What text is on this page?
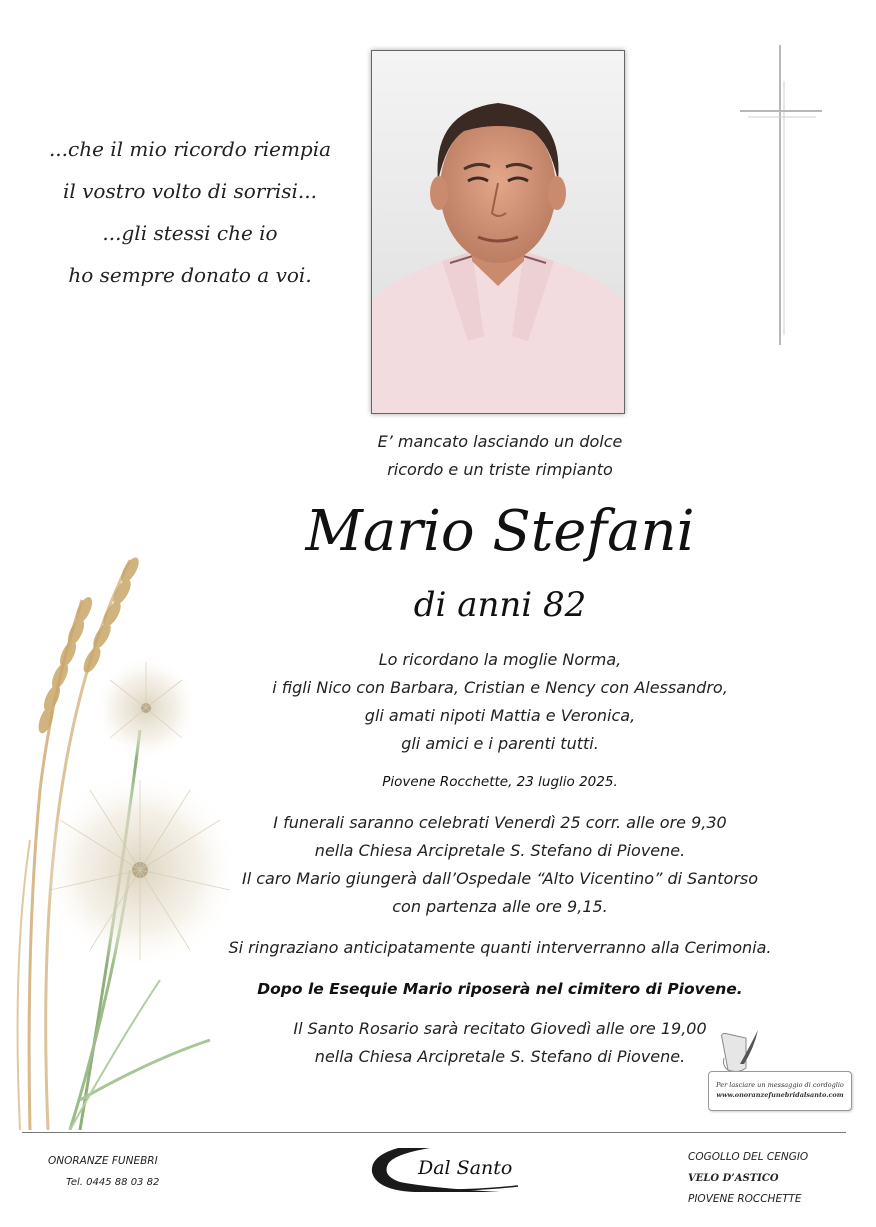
...che il mio ricordo riempia
il vostro volto di sorrisi...
...gli stessi che io
ho sempre donato a voi.
E’ mancato lasciando un dolce
ricordo e un triste rimpianto
Mario Stefani
di anni 82
Lo ricordano la moglie Norma,
i figli Nico con Barbara, Cristian e Nency con Alessandro,
gli amati nipoti Mattia e Veronica,
gli amici e i parenti tutti.
Piovene Rocchette, 23 luglio 2025.
I funerali saranno celebrati Venerdì 25 corr. alle ore 9,30
nella Chiesa Arcipretale S. Stefano di Piovene.
Il caro Mario giungerà dall’Ospedale “Alto Vicentino” di Santorso
con partenza alle ore 9,15.
Si ringraziano anticipatamente quanti interverranno alla Cerimonia.
Dopo le Esequie Mario riposerà nel cimitero di Piovene.
Il Santo Rosario sarà recitato Giovedì alle ore 19,00
nella Chiesa Arcipretale S. Stefano di Piovene.
Per lasciare un messaggio di cordoglio
www.onoranzefunebridalsanto.com
ONORANZE FUNEBRI
Tel. 0445 88 03 82
Dal Santo	COGOLLO DEL CENGIO
VELO D’ASTICO
PIOVENE ROCCHETTE
